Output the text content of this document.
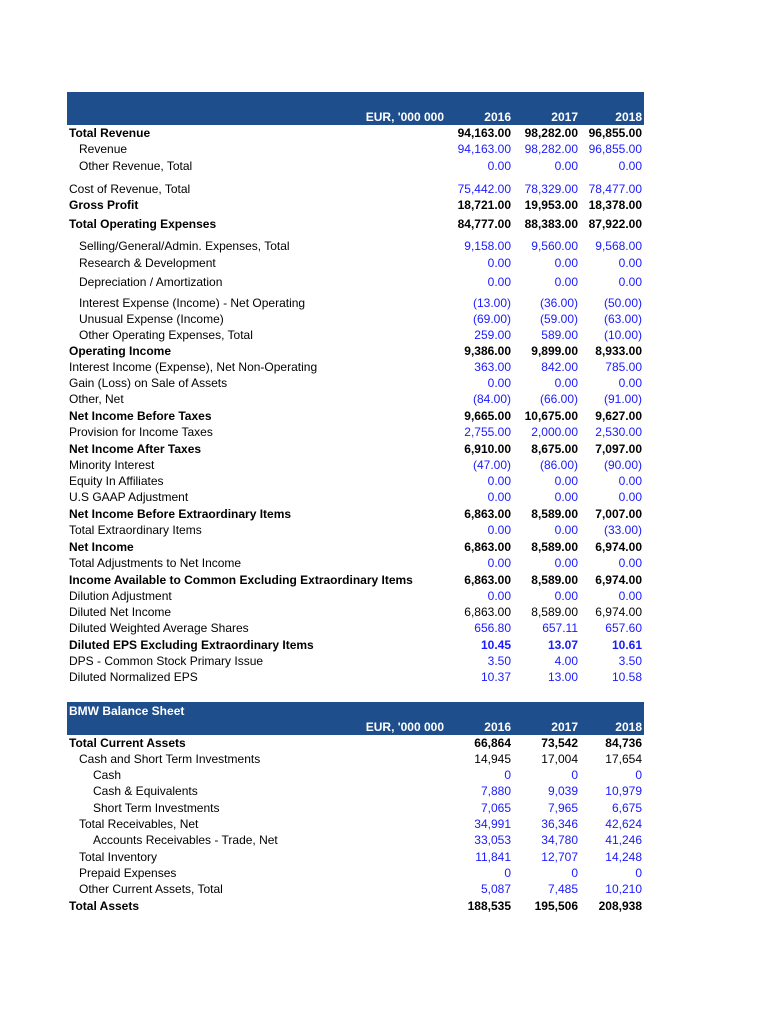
EUR, '000 000	2016	2017	2018
Total Revenue	94,163.00	98,282.00 96,855.00
Revenue	94,163.00	98,282.00 96,855.00
Other Revenue, Total	0.00	0.00	0.00
Cost of Revenue, Total	75,442.00	78,329.00 78,477.00
Gross Profit	18,721.00	19,953.00 18,378.00
Total Operating Expenses	84,777.00	88,383.00 87,922.00
Selling/General/Admin. Expenses, Total	9,158.00	9,560.00	9,568.00
Research & Development	0.00	0.00	0.00
Depreciation / Amortization	0.00	0.00	0.00
Interest Expense (Income) - Net Operating	(13.00)	(36.00)	(50.00)
Unusual Expense (Income)	(69.00)	(59.00)	(63.00)
Other Operating Expenses, Total	259.00	589.00	(10.00)
Operating Income	9,386.00	9,899.00	8,933.00
Interest Income (Expense), Net Non-Operating	363.00	842.00	785.00
Gain (Loss) on Sale of Assets	0.00	0.00	0.00
Other, Net	(84.00)	(66.00)	(91.00)
Net Income Before Taxes	9,665.00	10,675.00	9,627.00
Provision for Income Taxes	2,755.00	2,000.00	2,530.00
Net Income After Taxes	6,910.00	8,675.00	7,097.00
Minority Interest	(47.00)	(86.00)	(90.00)
Equity In Affiliates	0.00	0.00	0.00
U.S GAAP Adjustment	0.00	0.00	0.00
Net Income Before Extraordinary Items	6,863.00	8,589.00	7,007.00
Total Extraordinary Items	0.00	0.00	(33.00)
Net Income	6,863.00	8,589.00	6,974.00
Total Adjustments to Net Income	0.00	0.00	0.00
Income Available to Common Excluding Extraordinary Items	6,863.00	8,589.00	6,974.00
Dilution Adjustment	0.00	0.00	0.00
Diluted Net Income	6,863.00	8,589.00	6,974.00
Diluted Weighted Average Shares	656.80	657.11	657.60
Diluted EPS Excluding Extraordinary Items	10.45	13.07	10.61
DPS - Common Stock Primary Issue	3.50	4.00	3.50
Diluted Normalized EPS	10.37	13.00	10.58
BMW Balance Sheet
EUR, '000 000	2016	2017	2018
Total Current Assets	66,864	73,542	84,736
Cash and Short Term Investments	14,945	17,004	17,654
Cash	0	0	0
Cash & Equivalents	7,880	9,039	10,979
Short Term Investments	7,065	7,965	6,675
Total Receivables, Net	34,991	36,346	42,624
Accounts Receivables - Trade, Net	33,053	34,780	41,246
Total Inventory	11,841	12,707	14,248
Prepaid Expenses	0	0	0
Other Current Assets, Total	5,087	7,485	10,210
Total Assets	188,535	195,506	208,938
